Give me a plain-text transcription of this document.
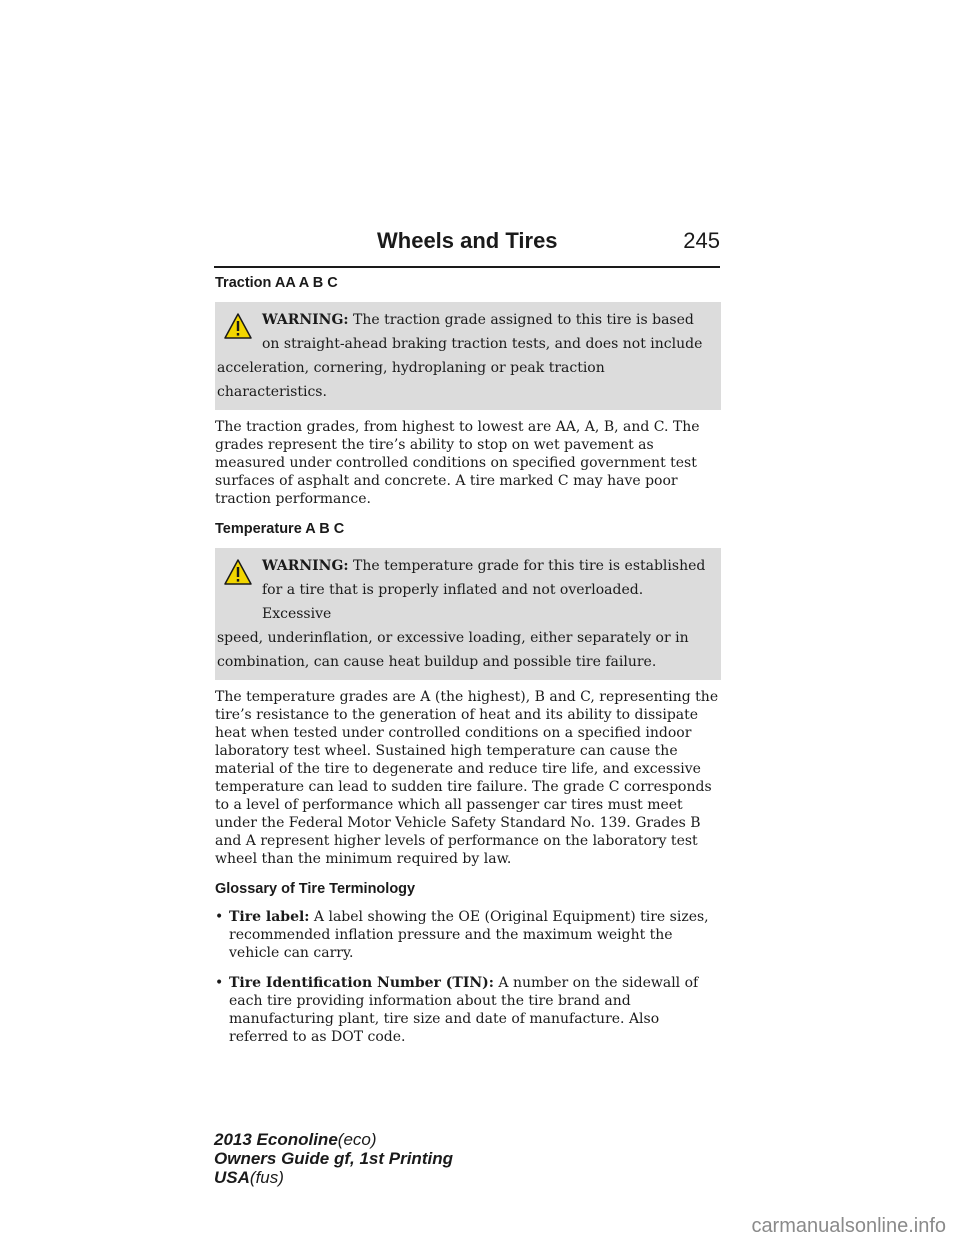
Wheels and Tires	245
Traction AA A B C
WARNING: The traction grade assigned to this tire is based on straight-ahead braking traction tests, and does not include
acceleration, cornering, hydroplaning or peak traction characteristics.

The traction grades, from highest to lowest are AA, A, B, and C. The grades represent the tire’s ability to stop on wet pavement as measured under controlled conditions on specified government test surfaces of asphalt and concrete. A tire marked C may have poor traction performance.

Temperature A B C
WARNING: The temperature grade for this tire is established for a tire that is properly inflated and not overloaded. Excessive
speed, underinflation, or excessive loading, either separately or in combination, can cause heat buildup and possible tire failure.

The temperature grades are A (the highest), B and C, representing the tire’s resistance to the generation of heat and its ability to dissipate heat when tested under controlled conditions on a specified indoor laboratory test wheel. Sustained high temperature can cause the material of the tire to degenerate and reduce tire life, and excessive temperature can lead to sudden tire failure. The grade C corresponds to a level of performance which all passenger car tires must meet under the Federal Motor Vehicle Safety Standard No. 139. Grades B and A represent higher levels of performance on the laboratory test wheel than the minimum required by law.

Glossary of Tire Terminology
• Tire label: A label showing the OE (Original Equipment) tire sizes, recommended inflation pressure and the maximum weight the vehicle can carry.
• Tire Identification Number (TIN): A number on the sidewall of each tire providing information about the tire brand and manufacturing plant, tire size and date of manufacture. Also referred to as DOT code.
2013 Econoline(eco)
Owners Guide gf, 1st Printing
USA(fus)
carmanualsonline.info
